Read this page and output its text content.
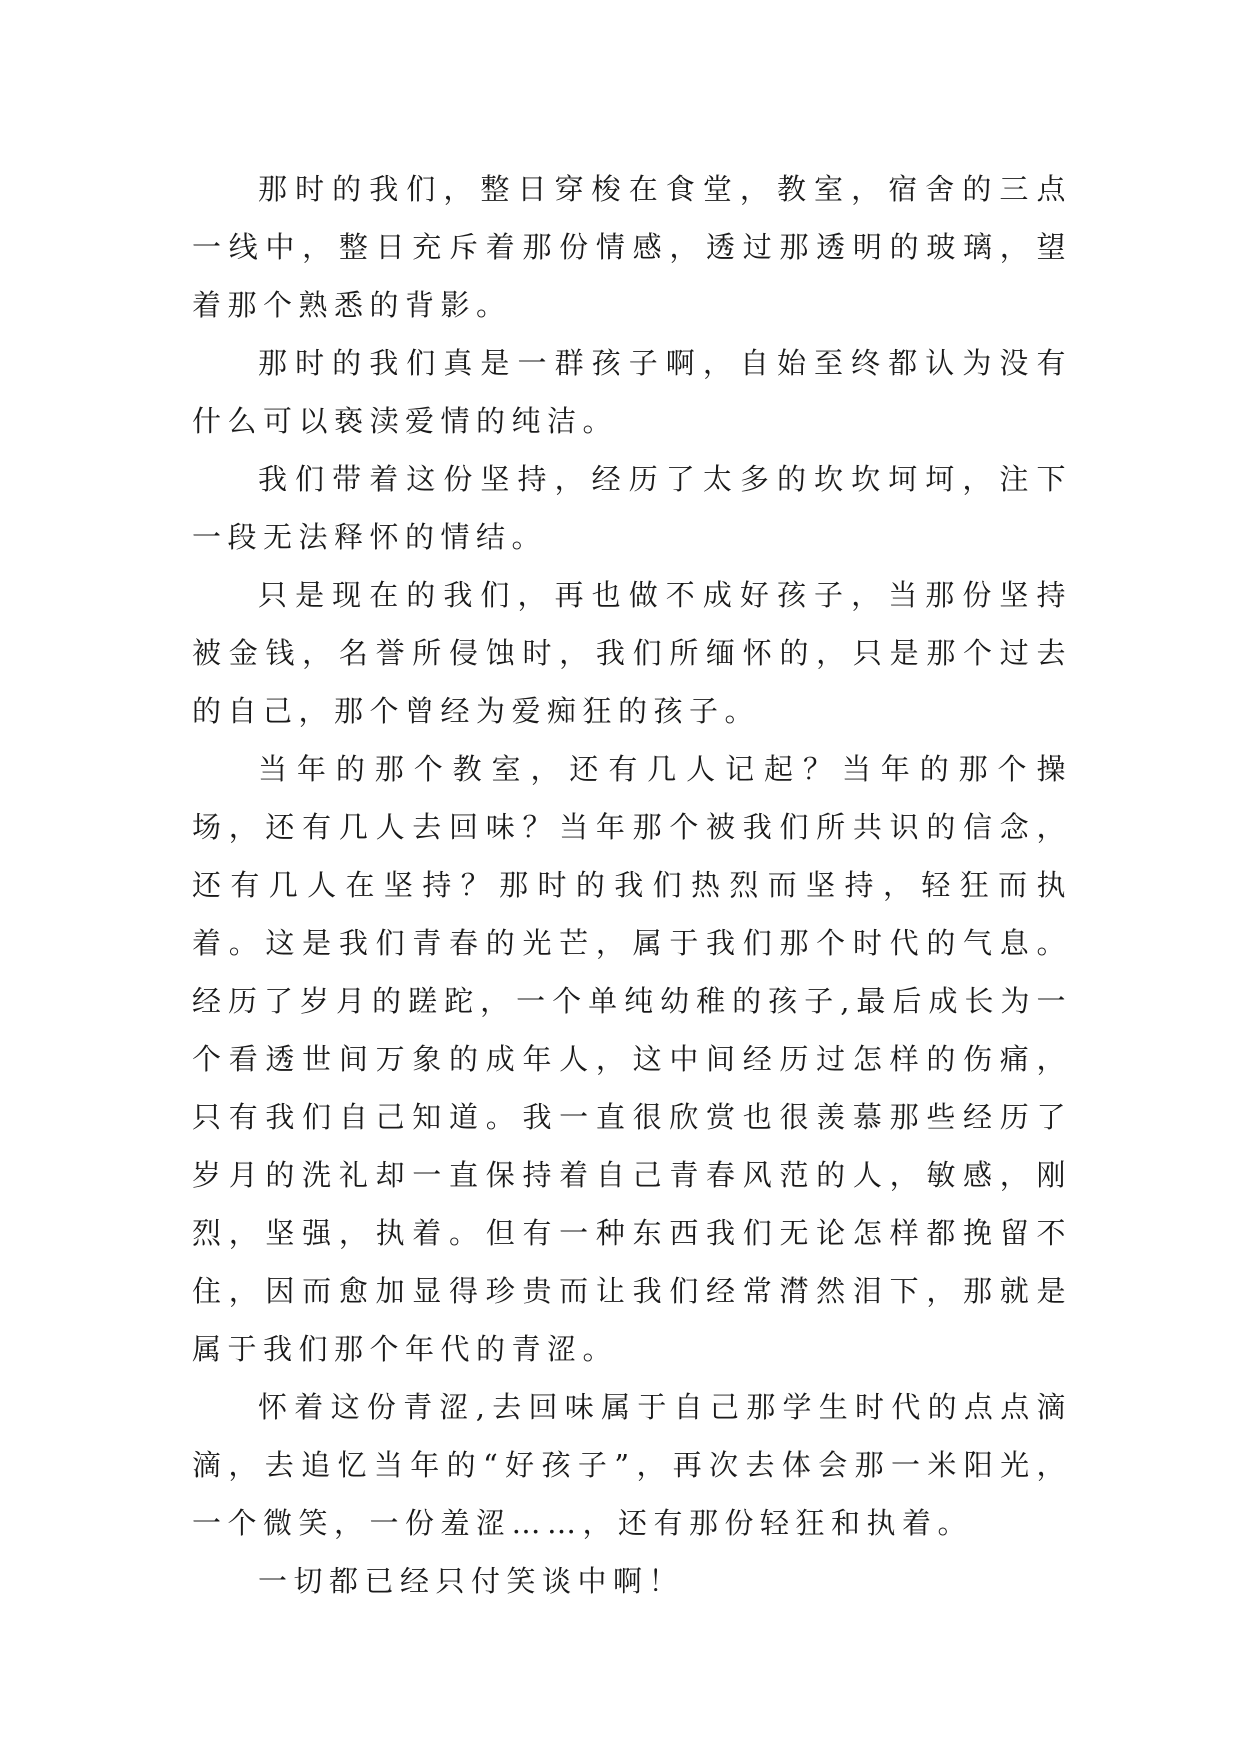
那时的我们，整日穿梭在食堂，教室，宿舍的三点一线中，整日充斥着那份情感，透过那透明的玻璃，望着那个熟悉的背影。

那时的我们真是一群孩子啊，自始至终都认为没有什么可以亵渎爱情的纯洁。

我们带着这份坚持，经历了太多的坎坎坷坷，注下一段无法释怀的情结。

只是现在的我们，再也做不成好孩子，当那份坚持被金钱，名誉所侵蚀时，我们所缅怀的，只是那个过去的自己，那个曾经为爱痴狂的孩子。

当年的那个教室，还有几人记起？当年的那个操场，还有几人去回味？当年那个被我们所共识的信念，还有几人在坚持？那时的我们热烈而坚持，轻狂而执着。这是我们青春的光芒，属于我们那个时代的气息。经历了岁月的蹉跎，一个单纯幼稚的孩子,最后成长为一个看透世间万象的成年人，这中间经历过怎样的伤痛，只有我们自己知道。我一直很欣赏也很羡慕那些经历了岁月的洗礼却一直保持着自己青春风范的人，敏感，刚烈，坚强，执着。但有一种东西我们无论怎样都挽留不住，因而愈加显得珍贵而让我们经常潸然泪下，那就是属于我们那个年代的青涩。

怀着这份青涩,去回味属于自己那学生时代的点点滴滴，去追忆当年的“好孩子”，再次去体会那一米阳光，一个微笑，一份羞涩……，还有那份轻狂和执着。

一切都已经只付笑谈中啊！
